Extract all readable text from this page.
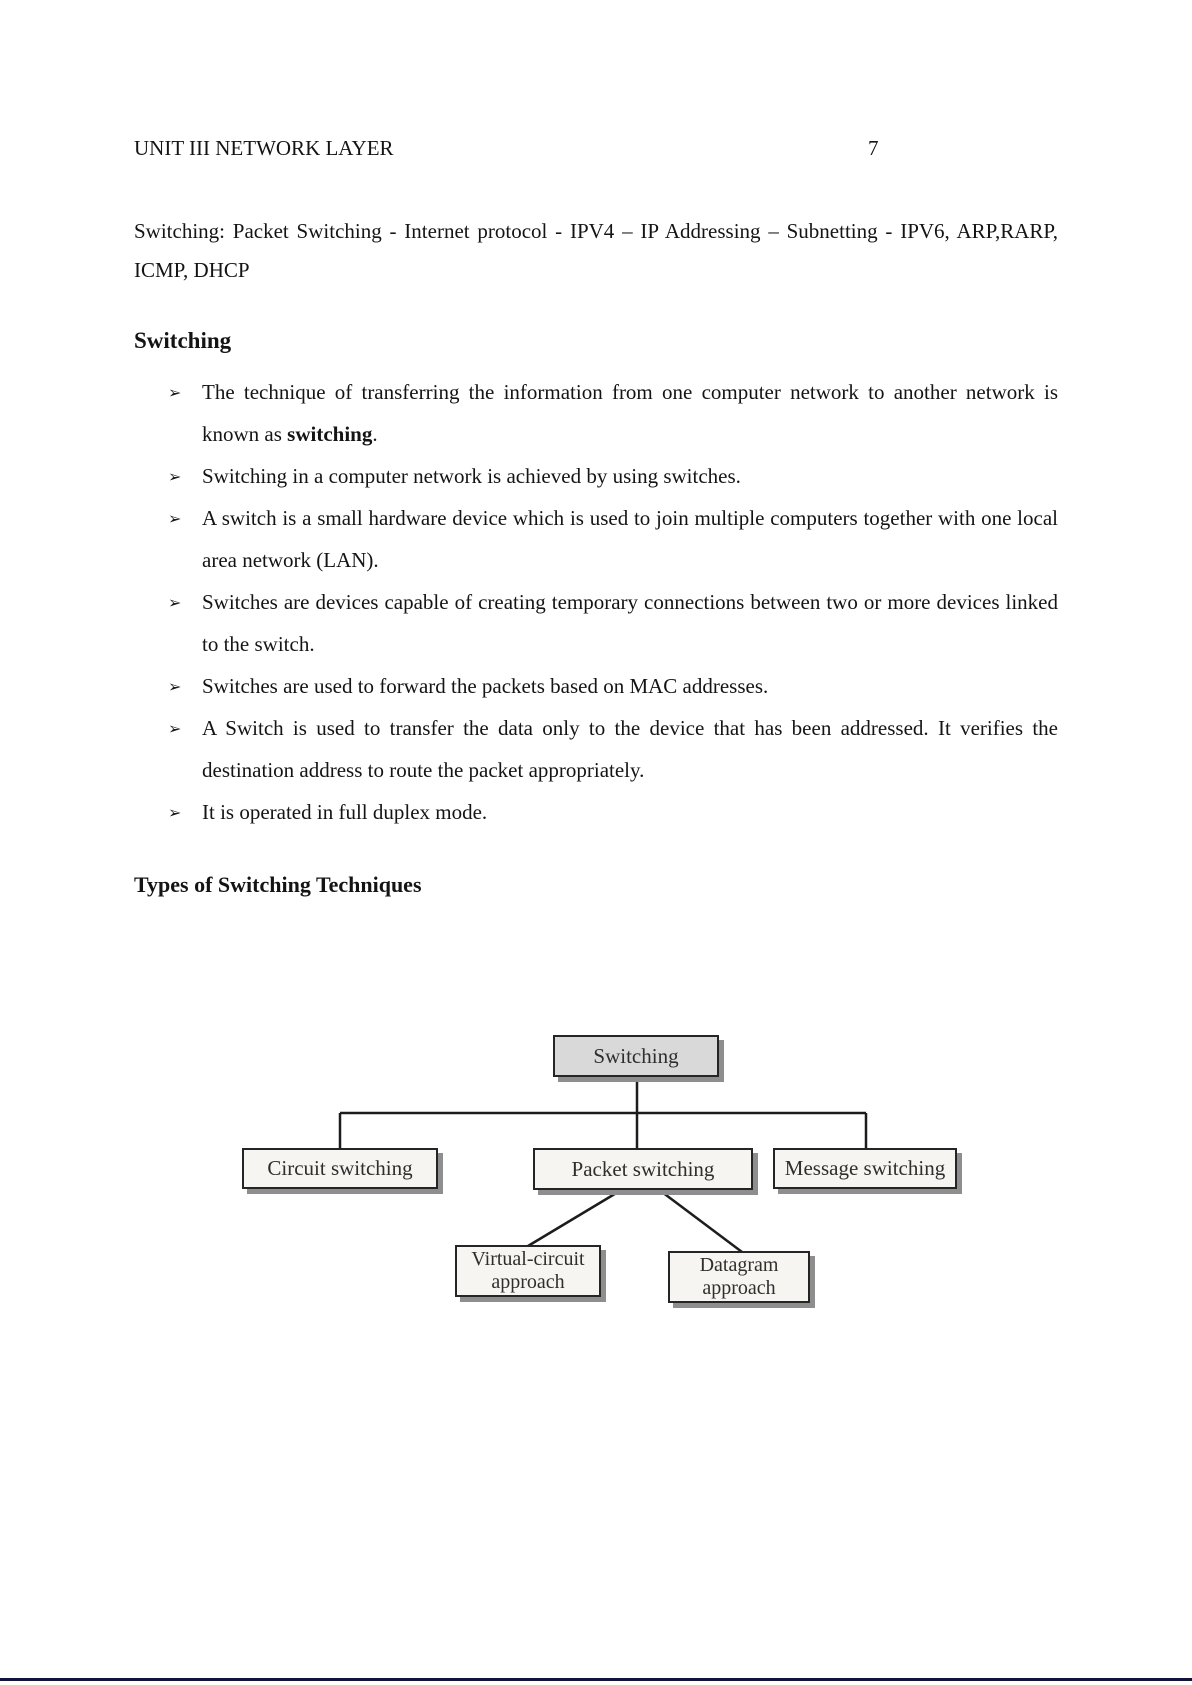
UNIT III NETWORK LAYER	7
Switching: Packet Switching - Internet protocol - IPV4 – IP Addressing – Subnetting - IPV6, ARP,RARP, ICMP, DHCP
Switching
➢ The technique of transferring the information from one computer network to another network is known as switching.
➢ Switching in a computer network is achieved by using switches.
➢ A switch is a small hardware device which is used to join multiple computers together with one local area network (LAN).
➢ Switches are devices capable of creating temporary connections between two or more devices linked to the switch.
➢ Switches are used to forward the packets based on MAC addresses.
➢ A Switch is used to transfer the data only to the device that has been addressed. It verifies the destination address to route the packet appropriately.
➢ It is operated in full duplex mode.
Types of Switching Techniques
Switching
Circuit switching	Packet switching	Message switching
Virtual-circuit
approach
Datagram
approach
